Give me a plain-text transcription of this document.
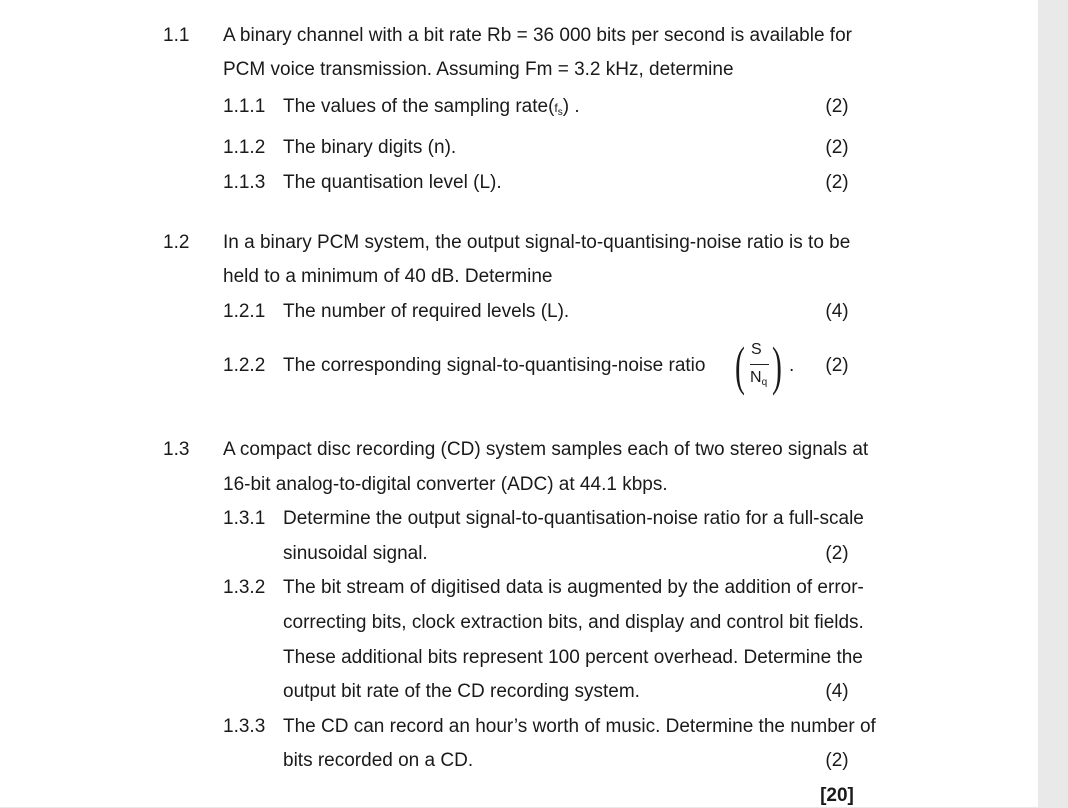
1.1 A binary channel with a bit rate Rb = 36 000 bits per second is available for
PCM voice transmission. Assuming Fm = 3.2 kHz, determine
1.1.1 The values of the sampling $rate(f_s)$ .	(2)
1.1.2 The binary digits (n).	(2)
1.1.3 The quantisation level (L).	(2)
1.2 In a binary PCM system, the output signal-to-quantising-noise ratio is to be
held to a minimum of 40 dB. Determine
1.2.1 The number of required levels (L).	(4)
1.2.2 The corresponding signal-to-quantising-noise ratio ( S
$N_q$ ) .	(2)
1.3 A compact disc recording (CD) system samples each of two stereo signals at
16-bit analog-to-digital converter (ADC) at 44.1 kbps.
1.3.1 Determine the output signal-to-quantisation-noise ratio for a full-scale
sinusoidal signal.	(2)
1.3.2 The bit stream of digitised data is augmented by the addition of error-
correcting bits, clock extraction bits, and display and control bit fields.
These additional bits represent 100 percent overhead. Determine the
output bit rate of the CD recording system.	(4)
1.3.3 The CD can record an hour’s worth of music. Determine the number of
bits recorded on a CD.	(2)
[20]
